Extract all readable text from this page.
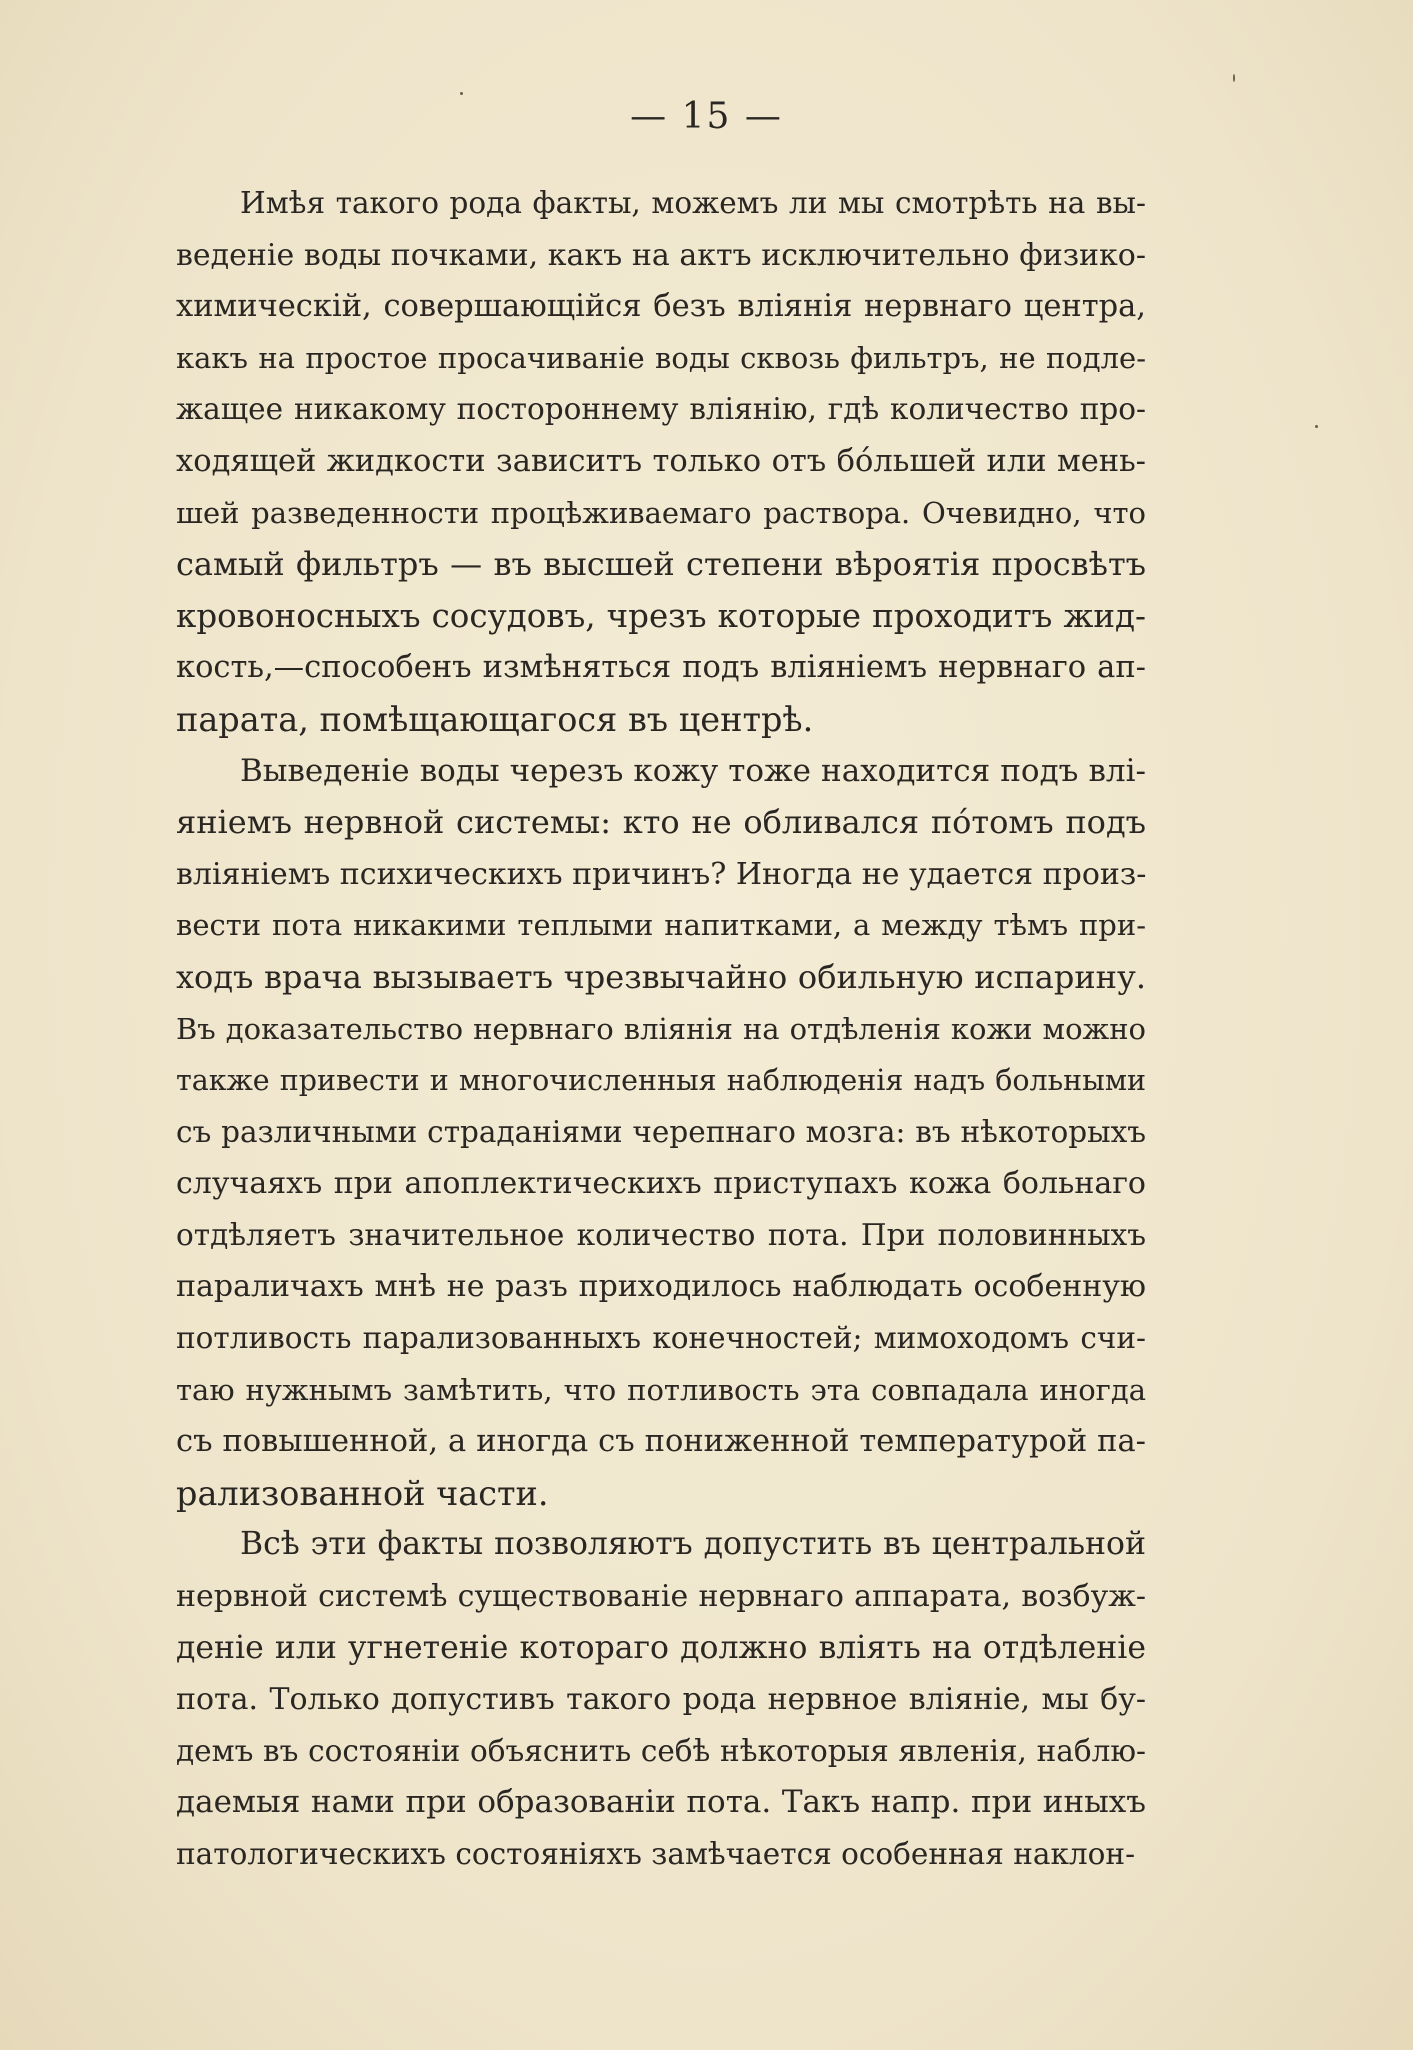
— 15 —
Имѣя такого рода факты, можемъ ли мы смотрѣть на вы-
веденіе воды почками, какъ на актъ исключительно физико-
химическій, совершающійся безъ вліянія нервнаго центра,
какъ на простое просачиваніе воды сквозь фильтръ, не подле-
жащее никакому постороннему вліянію, гдѣ количество про-
ходящей жидкости зависитъ только отъ бо́льшей или мень-
шей разведенности процѣживаемаго раствора. Очевидно, что
самый фильтръ — въ высшей степени вѣроятія просвѣтъ
кровоносныхъ сосудовъ, чрезъ которые проходитъ жид-
кость,—способенъ измѣняться подъ вліяніемъ нервнаго ап-
парата, помѣщающагося въ центрѣ.
Выведеніе воды черезъ кожу тоже находится подъ влі-
яніемъ нервной системы: кто не обливался по́томъ подъ
вліяніемъ психическихъ причинъ? Иногда не удается произ-
вести пота никакими теплыми напитками, а между тѣмъ при-
ходъ врача вызываетъ чрезвычайно обильную испарину.
Въ доказательство нервнаго вліянія на отдѣленія кожи можно
также привести и многочисленныя наблюденія надъ больными
съ различными страданіями черепнаго мозга: въ нѣкоторыхъ
случаяхъ при апоплектическихъ приступахъ кожа больнаго
отдѣляетъ значительное количество пота. При половинныхъ
параличахъ мнѣ не разъ приходилось наблюдать особенную
потливость парализованныхъ конечностей; мимоходомъ счи-
таю нужнымъ замѣтить, что потливость эта совпадала иногда
съ повышенной, а иногда съ пониженной температурой па-
рализованной части.
Всѣ эти факты позволяютъ допустить въ центральной
нервной системѣ существованіе нервнаго аппарата, возбуж-
деніе или угнетеніе котораго должно вліять на отдѣленіе
пота. Только допустивъ такого рода нервное вліяніе, мы бу-
демъ въ состояніи объяснить себѣ нѣкоторыя явленія, наблю-
даемыя нами при образованіи пота. Такъ напр. при иныхъ
патологическихъ состояніяхъ замѣчается особенная наклон-
